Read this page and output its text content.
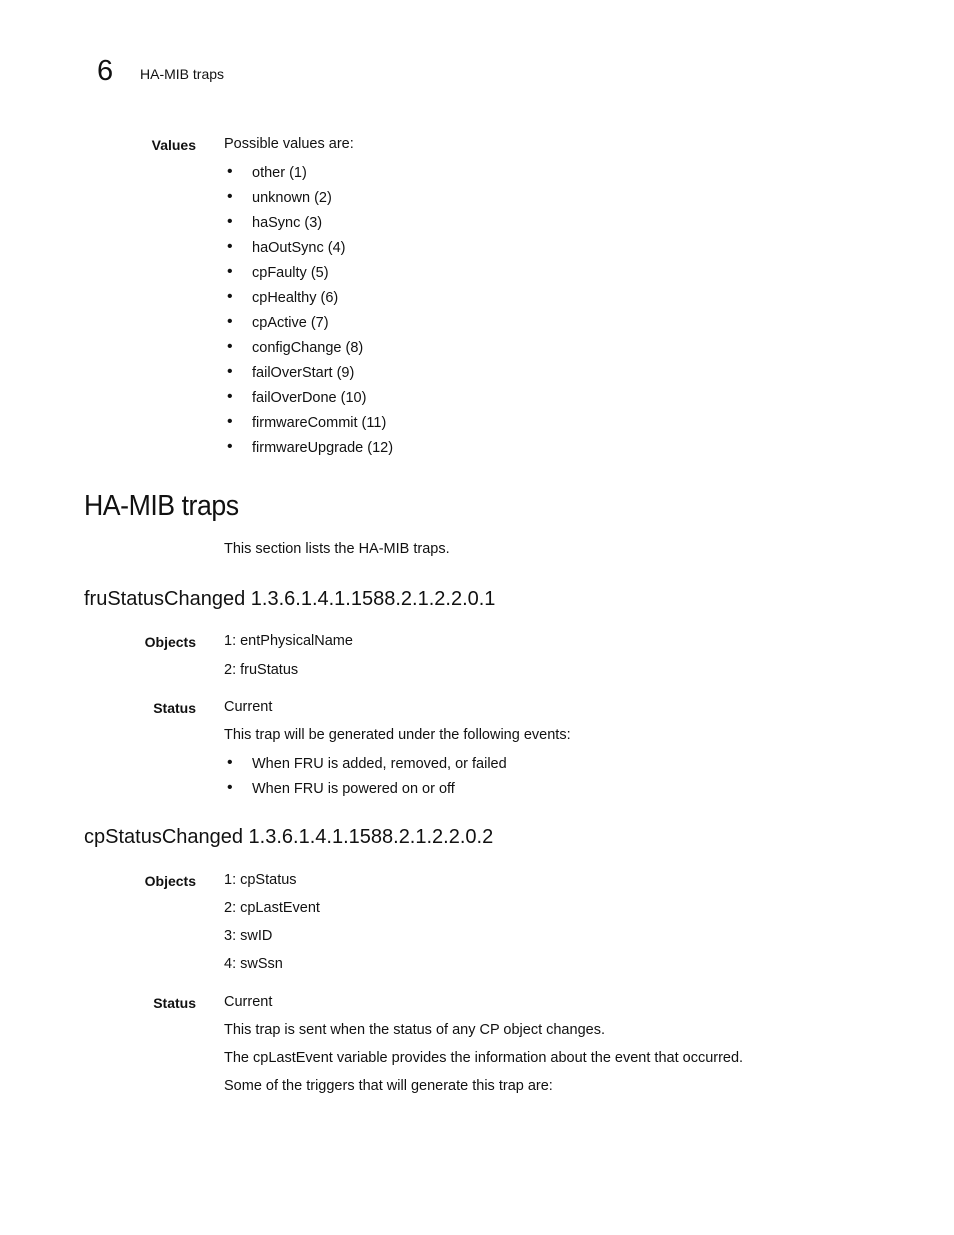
6 HA-MIB traps
Values Possible values are:
• other (1)
• unknown (2)
• haSync (3)
• haOutSync (4)
• cpFaulty (5)
• cpHealthy (6)
• cpActive (7)
• configChange (8)
• failOverStart (9)
• failOverDone (10)
• firmwareCommit (11)
• firmwareUpgrade (12)
HA-MIB traps
This section lists the HA-MIB traps.
fruStatusChanged 1.3.6.1.4.1.1588.2.1.2.2.0.1
Objects 1: entPhysicalName
2: fruStatus
Status Current
This trap will be generated under the following events:
• When FRU is added, removed, or failed
• When FRU is powered on or off
cpStatusChanged 1.3.6.1.4.1.1588.2.1.2.2.0.2
Objects 1: cpStatus
2: cpLastEvent
3: swID
4: swSsn
Status Current
This trap is sent when the status of any CP object changes.
The cpLastEvent variable provides the information about the event that occurred.
Some of the triggers that will generate this trap are:
